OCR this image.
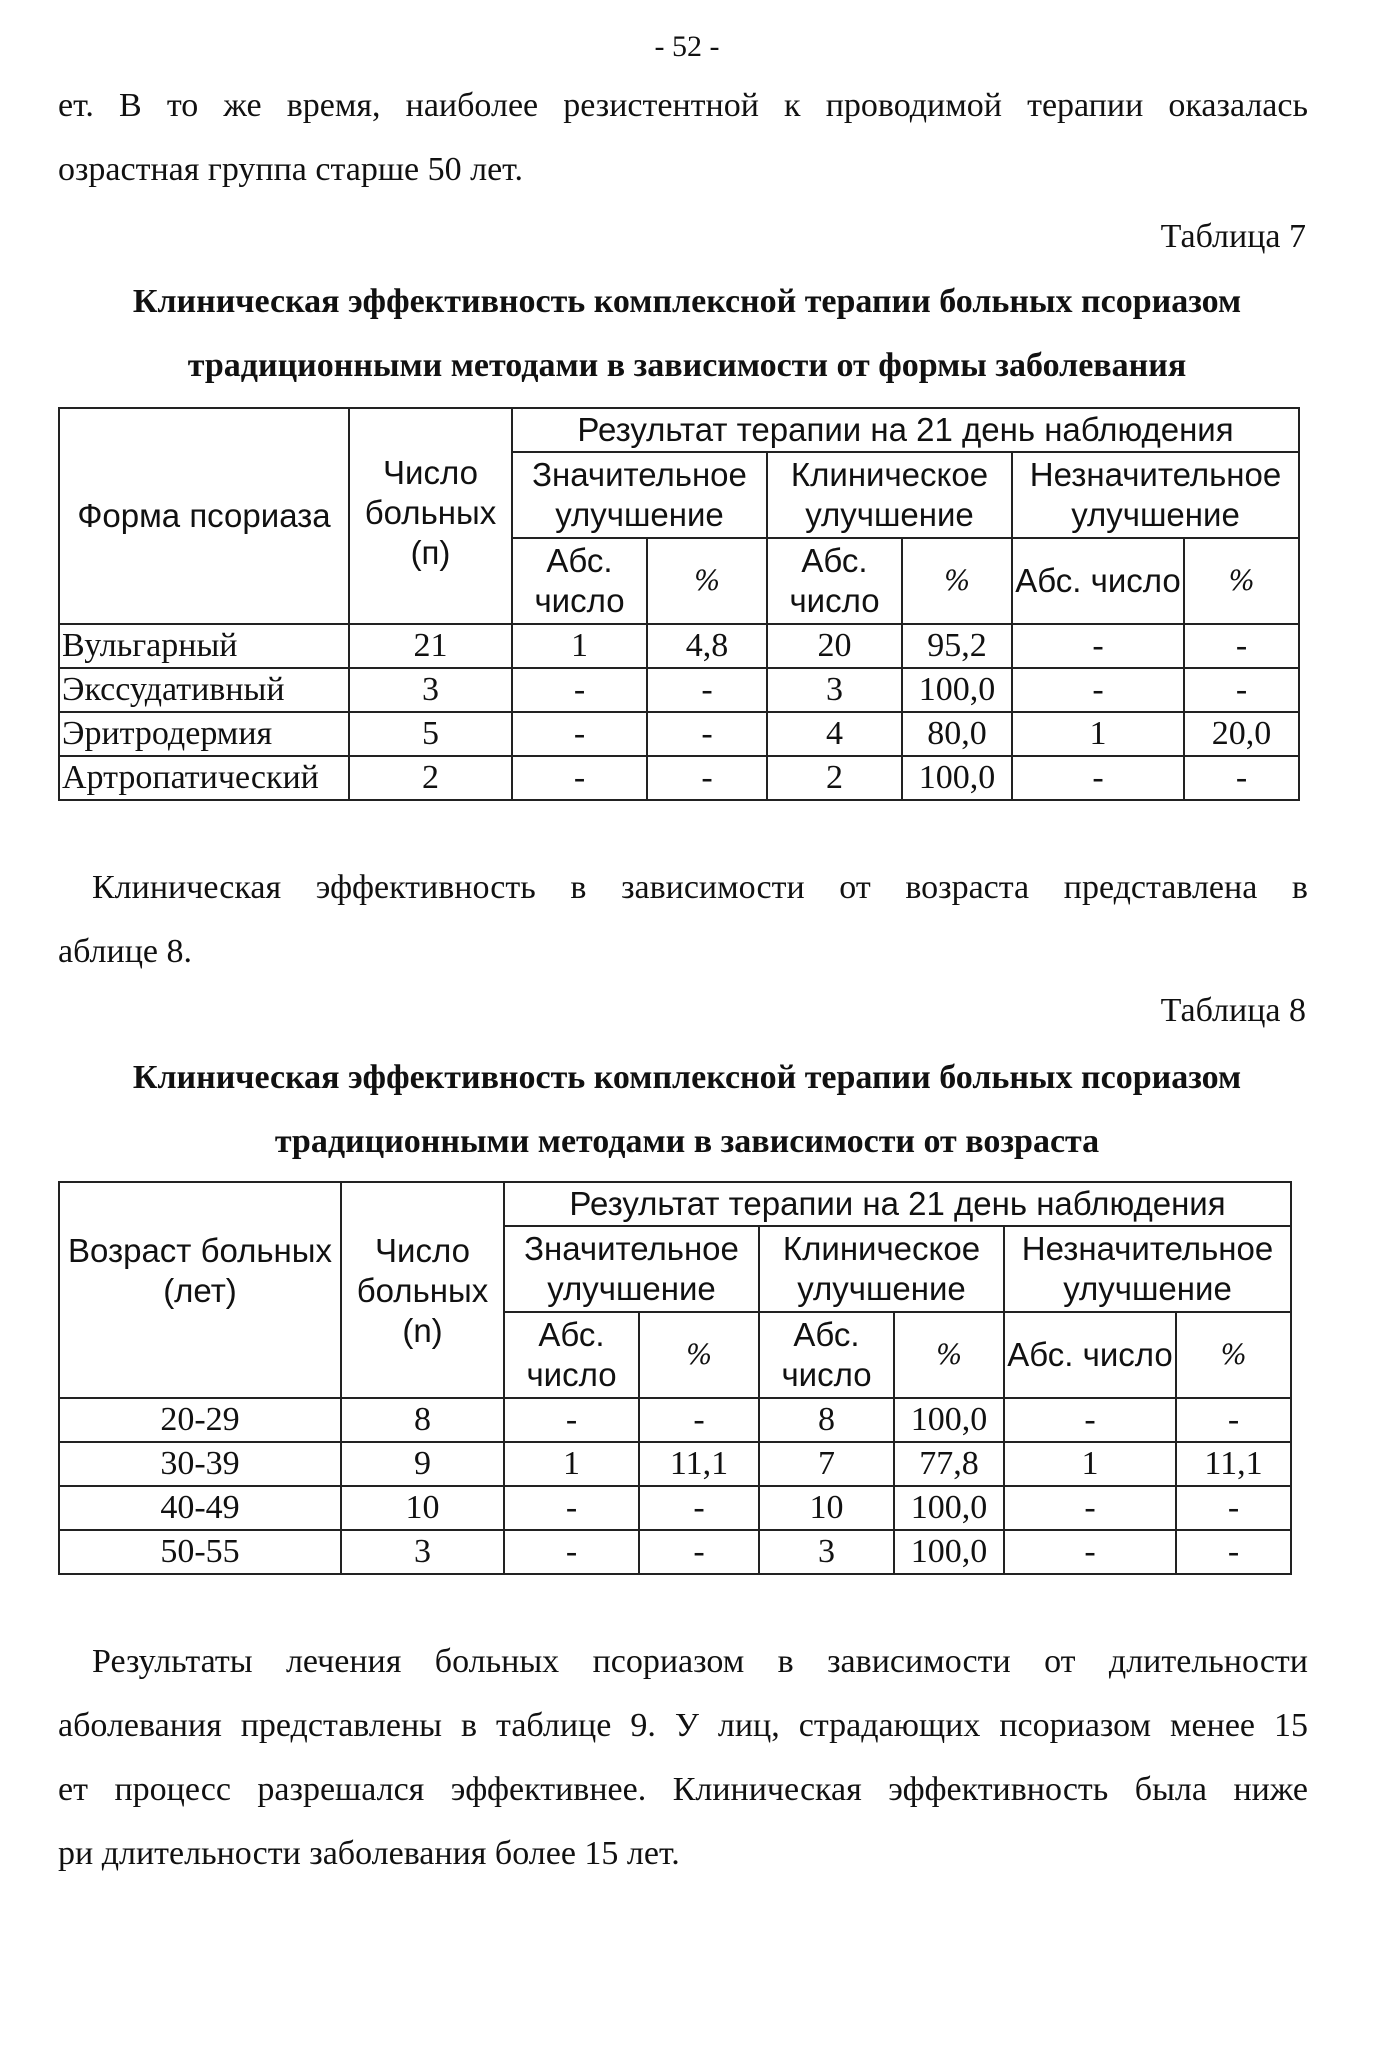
- 52 -

ет. В то же время, наиболее резистентной к проводимой терапии оказалась
озрастная группа старше 50 лет.

Таблица 7
Клиническая эффективность комплексной терапии больных псориазом
традиционными методами в зависимости от формы заболевания
Форма псориаза	Число больных (п)	Результат терапии на 21 день наблюдения					
		Значительное улучшение		Клиническое улучшение		Незначительное улучшение	
		Абс. число	%	Абс. число	%	Абс. число	%
Вульгарный	21	1	4,8	20	95,2	-	-
Экссудативный	3	-	-	3	100,0	-	-
Эритродермия	5	-	-	4	80,0	1	20,0
Артропатический	2	-	-	2	100,0	-	-

Клиническая эффективность в зависимости от возраста представлена в
аблице 8.

Таблица 8
Клиническая эффективность комплексной терапии больных псориазом
традиционными методами в зависимости от возраста
Возраст больных (лет)	Число больных (n)	Результат терапии на 21 день наблюдения					
		Значительное улучшение		Клиническое улучшение		Незначительное улучшение	
		Абс. число	%	Абс. число	%	Абс. число	%
20-29	8	-	-	8	100,0	-	-
30-39	9	1	11,1	7	77,8	1	11,1
40-49	10	-	-	10	100,0	-	-
50-55	3	-	-	3	100,0	-	-

Результаты лечения больных псориазом в зависимости от длительности
аболевания представлены в таблице 9. У лиц, страдающих псориазом менее 15
ет процесс разрешался эффективнее. Клиническая эффективность была ниже
ри длительности заболевания более 15 лет.
